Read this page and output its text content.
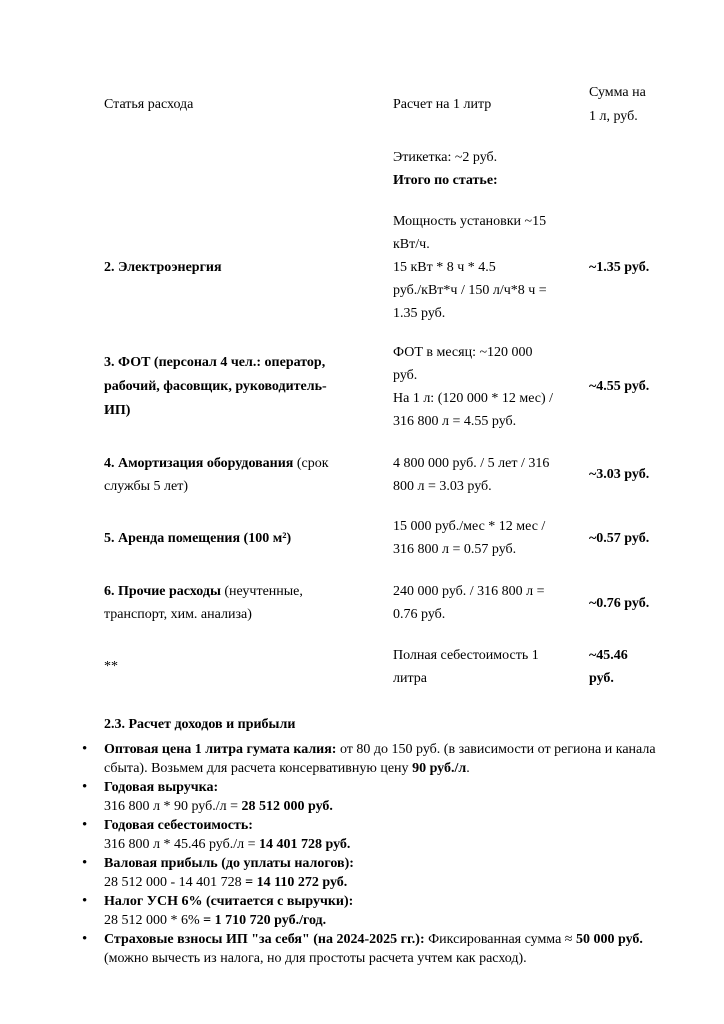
Статья расхода	Расчет на 1 литр
Сумма на
1 л, руб.
Этикетка: ~2 руб.
Итого по статье:
2. Электроэнергия
Мощность установки ~15
кВт/ч.
15 кВт * 8 ч * 4.5
руб./кВт*ч / 150 л/ч*8 ч =
1.35 руб.
~1.35 руб.
3. ФОТ (персонал 4 чел.: оператор,
рабочий, фасовщик, руководитель-
ИП)
ФОТ в месяц: ~120 000
руб.
На 1 л: (120 000 * 12 мес) /
316 800 л = 4.55 руб.
~4.55 руб.
4. Амортизация оборудования (срок
службы 5 лет)
4 800 000 руб. / 5 лет / 316
800 л = 3.03 руб.
~3.03 руб.
5. Аренда помещения (100 м²)
15 000 руб./мес * 12 мес /
316 800 л = 0.57 руб.
~0.57 руб.
6. Прочие расходы (неучтенные,
транспорт, хим. анализа)
240 000 руб. / 316 800 л =
0.76 руб.
~0.76 руб.
**
Полная себестоимость 1
литра
~45.46
руб.
2.3. Расчет доходов и прибыли
• Оптовая цена 1 литра гумата калия: от 80 до 150 руб. (в зависимости от региона и канала сбыта). Возьмем для расчета консервативную цену 90 руб./л.
• Годовая выручка:
316 800 л * 90 руб./л = 28 512 000 руб.
• Годовая себестоимость:
316 800 л * 45.46 руб./л = 14 401 728 руб.
• Валовая прибыль (до уплаты налогов):
28 512 000 - 14 401 728 = 14 110 272 руб.
• Налог УСН 6% (считается с выручки):
28 512 000 * 6% = 1 710 720 руб./год.
• Страховые взносы ИП "за себя" (на 2024-2025 гг.): Фиксированная сумма ≈ 50 000 руб. (можно вычесть из налога, но для простоты расчета учтем как расход).
